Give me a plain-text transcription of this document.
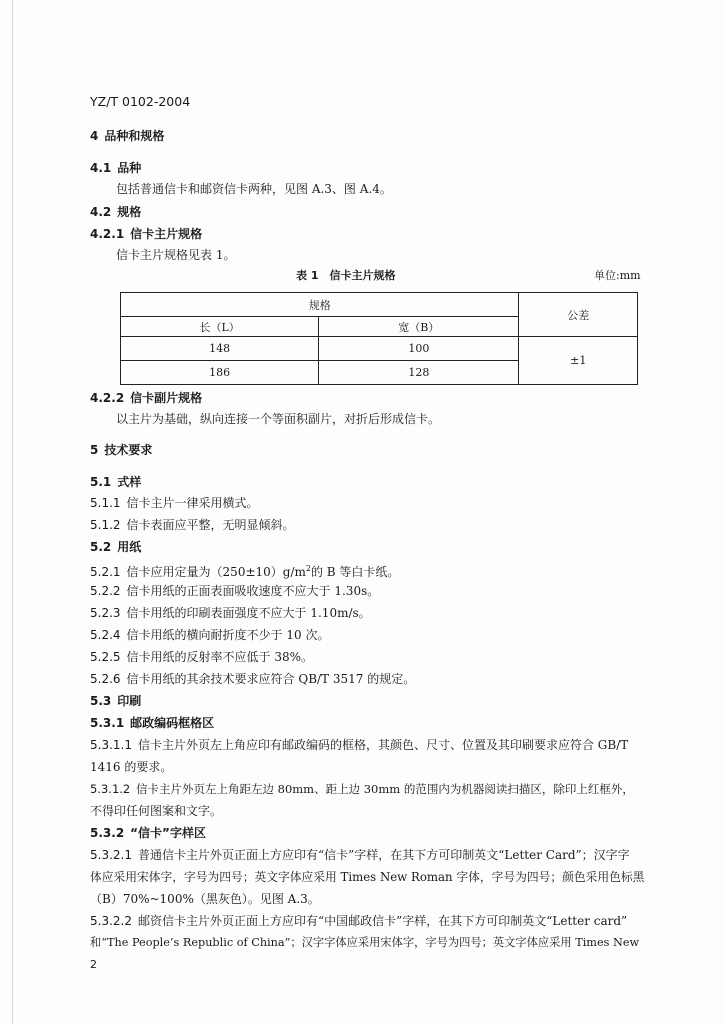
YZ/T 0102-2004
4  品种和规格
4.1  品种
包括普通信卡和邮资信卡两种，见图 A.3、图 A.4。
4.2  规格
4.2.1  信卡主片规格
信卡主片规格见表 1。
表 1　信卡主片规格	单位:mm
规格		公差
长（L）	宽（B）	
148	100	±1
186	128	
4.2.2  信卡副片规格
以主片为基础，纵向连接一个等面积副片，对折后形成信卡。
5  技术要求
5.1  式样
5.1.1  信卡主片一律采用横式。
5.1.2  信卡表面应平整，无明显倾斜。
5.2  用纸
5.2.1  信卡应用定量为$(250\pm 10)g/m^2$的 B 等白卡纸。
5.2.2  信卡用纸的正面表面吸收速度不应大于 1.30s。
5.2.3  信卡用纸的印刷表面强度不应大于 1.10m/s。
5.2.4  信卡用纸的横向耐折度不少于 10 次。
5.2.5  信卡用纸的反射率不应低于 38%。
5.2.6  信卡用纸的其余技术要求应符合 QB/T 3517 的规定。
5.3  印刷
5.3.1  邮政编码框格区
5.3.1.1  信卡主片外页左上角应印有邮政编码的框格，其颜色、尺寸、位置及其印刷要求应符合 GB/T
1416 的要求。
5.3.1.2  信卡主片外页左上角距左边 80mm、距上边 30mm 的范围内为机器阅读扫描区，除印上红框外，
不得印任何图案和文字。
5.3.2  “信卡”字样区
5.3.2.1  普通信卡主片外页正面上方应印有“信卡”字样，在其下方可印制英文“Letter Card”；汉字字
体应采用宋体字，字号为四号；英文字体应采用 Times New Roman 字体，字号为四号；颜色采用色标黑
（B）70%~100%（黑灰色）。见图 A.3。
5.3.2.2  邮资信卡主片外页正面上方应印有“中国邮政信卡”字样，在其下方可印制英文“Letter card”
和“The People’s Republic of China”；汉字字体应采用宋体字，字号为四号；英文字体应采用 Times New
2
